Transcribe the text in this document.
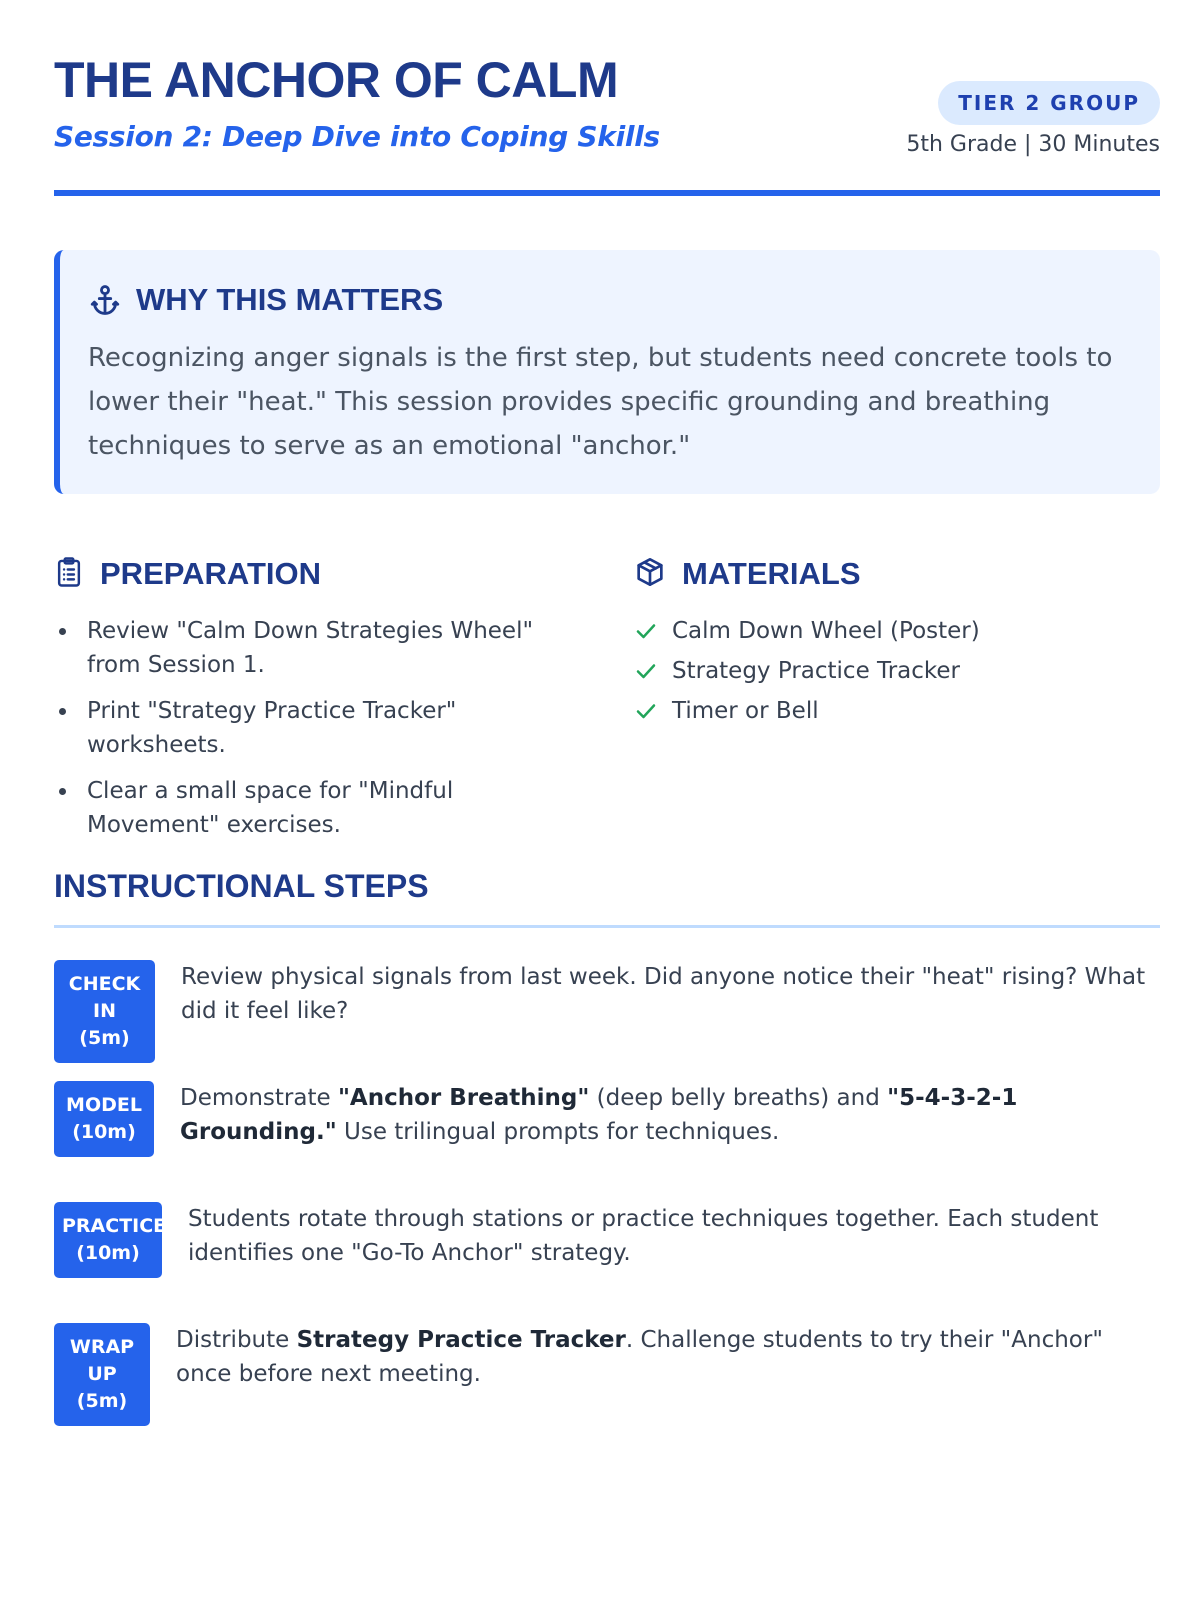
THE ANCHOR OF CALM
Session 2: Deep Dive into Coping Skills
TIER 2 GROUP
5th Grade | 30 Minutes
WHY THIS MATTERS

Recognizing anger signals is the first step, but students need concrete tools to lower their "heat." This session provides specific grounding and breathing techniques to serve as an emotional "anchor."

PREPARATION
Review "Calm Down Strategies Wheel" from Session 1.
Print "Strategy Practice Tracker" worksheets.
Clear a small space for "Mindful Movement" exercises.
MATERIALS
Calm Down Wheel (Poster)
Strategy Practice Tracker
Timer or Bell
INSTRUCTIONAL STEPS
CHECK
IN (5m)
Review physical signals from last week. Did anyone notice their "heat" rising? What did it feel like?
MODEL
(10m)
Demonstrate "Anchor Breathing" (deep belly breaths) and "5-4-3-2-1 Grounding." Use trilingual prompts for techniques.
PRACTICE
(10m)
Students rotate through stations or practice techniques together. Each student identifies one "Go-To Anchor" strategy.
WRAP
UP
(5m)
Distribute Strategy Practice Tracker. Challenge students to try their "Anchor" once before next meeting.
